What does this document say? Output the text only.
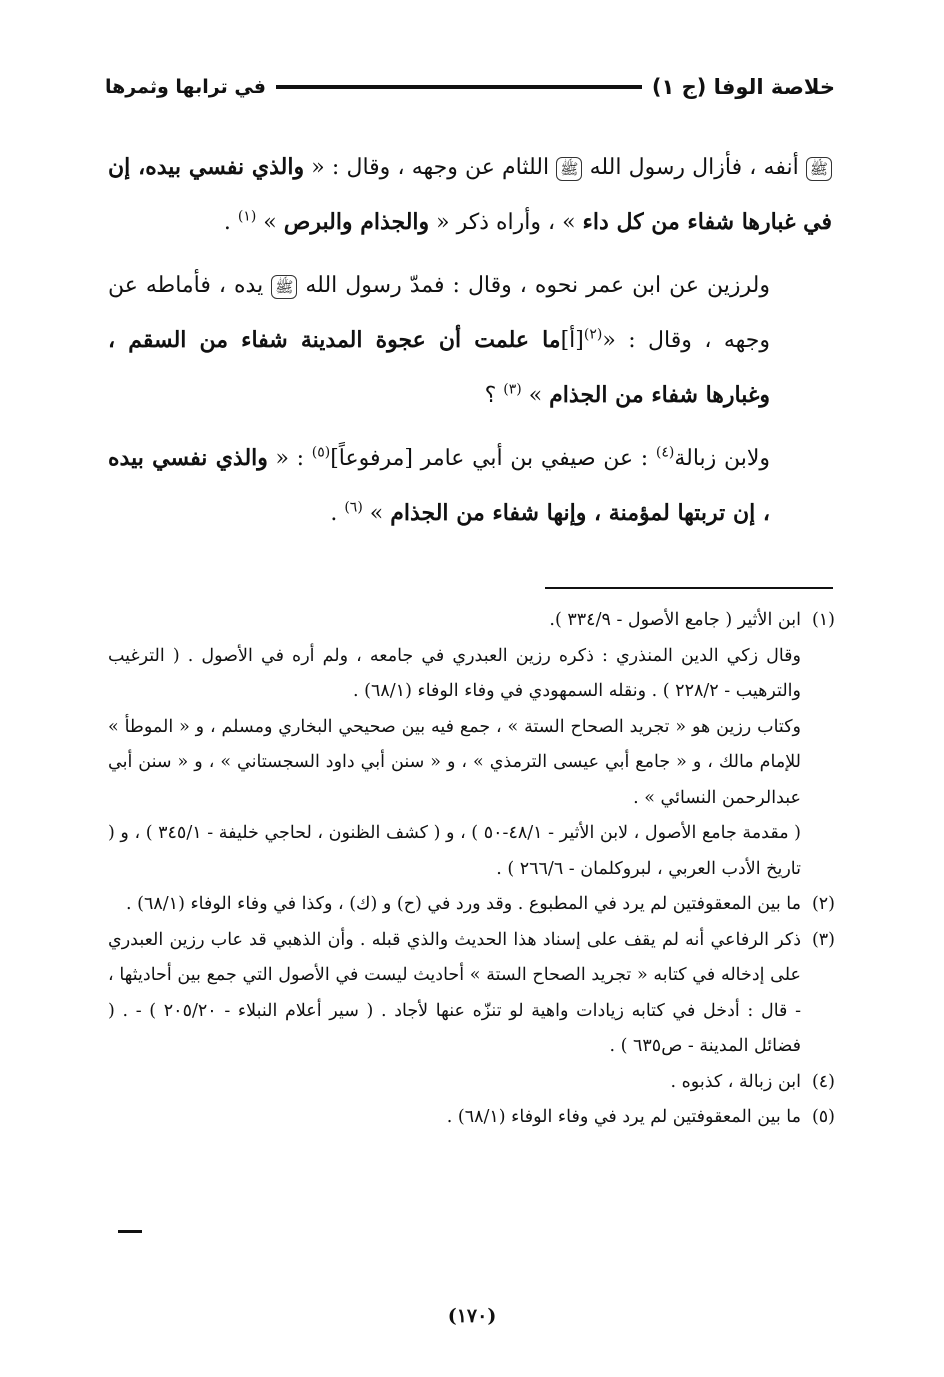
خلاصة الوفا (ج ١)
في ترابها وثمرها

ﷺ أنفه ، فأزال رسول الله ﷺ اللثام عن وجهه ، وقال : « والذي نفسي بيده، إن في غبارها شفاء من كل داء » ، وأراه ذكر « والجذام والبرص » $^{(١)}$ .

ولرزين عن ابن عمر نحوه ، وقال : فمدّ رسول الله ﷺ يده ، فأماطه عن وجهه ، وقال : «$^{(٢)}$[أ]ما علمت أن عجوة المدينة شفاء من السقم ، وغبارها شفاء من الجذام » $^{(٣)}$ ؟

ولابن زبالة$^{(٤)}$ : عن صيفي بن أبي عامر [مرفوعاً]$^{(٥)}$ : « والذي نفسي بيده ، إن تربتها لمؤمنة ، وإنها شفاء من الجذام » $^{(٦)}$ .

(١)
ابن الأثير ( جامع الأصول - ٣٣٤/٩ ).
وقال زكي الدين المنذري : ذكره رزين العبدري في جامعه ، ولم أره في الأصول . ( الترغيب والترهيب - ٢٢٨/٢ ) . ونقله السمهودي في وفاء الوفاء (٦٨/١) .
وكتاب رزين هو « تجريد الصحاح الستة » ، جمع فيه بين صحيحي البخاري ومسلم ، و « الموطأ » للإمام مالك ، و « جامع أبي عيسى الترمذي » ، و « سنن أبي داود السجستاني » ، و « سنن أبي عبدالرحمن النسائي » .
( مقدمة جامع الأصول ، لابن الأثير - ٤٨/١-٥٠ ) ، و ( كشف الظنون ، لحاجي خليفة - ٣٤٥/١ ) ، و ( تاريخ الأدب العربي ، لبروكلمان - ٢٦٦/٦ ) .
(٢)
ما بين المعقوفتين لم يرد في المطبوع . وقد ورد في (ح) و (ك) ، وكذا في وفاء الوفاء (٦٨/١) .
(٣)
ذكر الرفاعي أنه لم يقف على إسناد هذا الحديث والذي قبله . وأن الذهبي قد عاب رزين العبدري على إدخاله في كتابه « تجريد الصحاح الستة » أحاديث ليست في الأصول التي جمع بين أحاديثها ، - قال : أدخل في كتابه زيادات واهية لو تنزّه عنها لأجاد . ( سير أعلام النبلاء - ٢٠٥/٢٠ ) - . ( فضائل المدينة - ص٦٣٥ ) .
(٤)
ابن زبالة ، كذبوه .
(٥)
ما بين المعقوفتين لم يرد في وفاء الوفاء (٦٨/١) .
(١٧٠)
